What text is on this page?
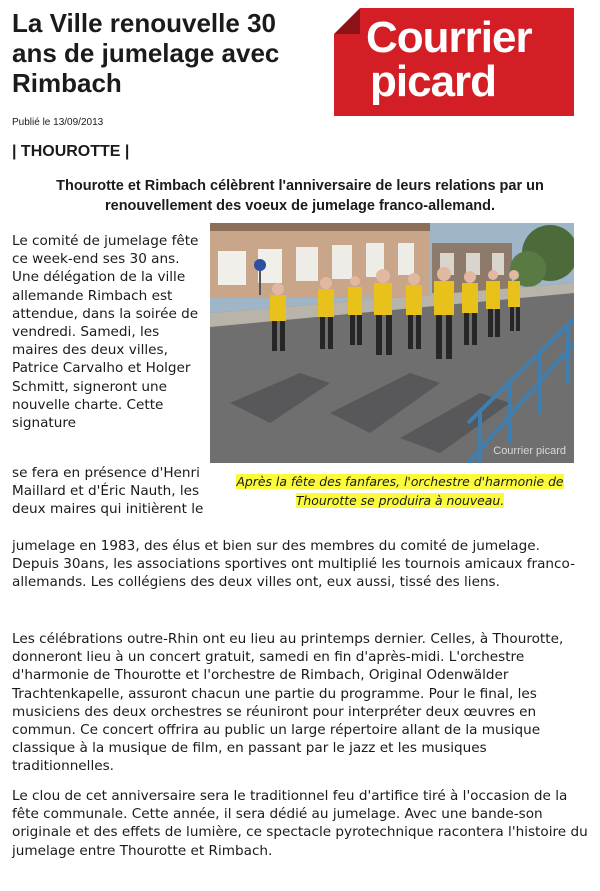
La Ville renouvelle 30 ans de jumelage avec Rimbach
Courrier
picard
Publié le 13/09/2013
| THOUROTTE |

Thourotte et Rimbach célèbrent l'anniversaire de leurs relations par un renouvellement des voeux de jumelage franco-allemand.

Courrier picard
Après la fête des fanfares, l'orchestre d'harmonie de Thourotte se produira à nouveau.

Le comité de jumelage fête ce week-end ses 30 ans. Une délégation de la ville allemande Rimbach est attendue, dans la soirée de vendredi. Samedi, les maires des deux villes, Patrice Carvalho et Holger Schmitt, signeront une nouvelle charte. Cette signature

se fera en présence d'Henri Maillard et d'Éric Nauth, les deux maires qui initièrent le

jumelage en 1983, des élus et bien sur des membres du comité de jumelage. Depuis 30ans, les associations sportives ont multiplié les tournois amicaux franco-allemands. Les collégiens des deux villes ont, eux aussi, tissé des liens.

Les célébrations outre-Rhin ont eu lieu au printemps dernier. Celles, à Thourotte, donneront lieu à un concert gratuit, samedi en fin d'après-midi. L'orchestre d'harmonie de Thourotte et l'orchestre de Rimbach, Original Odenwälder Trachtenkapelle, assuront chacun une partie du programme. Pour le final, les musiciens des deux orchestres se réuniront pour interpréter deux œuvres en commun. Ce concert offrira au public un large répertoire allant de la musique classique à la musique de film, en passant par le jazz et les musiques traditionnelles.

Le clou de cet anniversaire sera le traditionnel feu d'artifice tiré à l'occasion de la fête communale. Cette année, il sera dédié au jumelage. Avec une bande-son originale et des effets de lumière, ce spectacle pyrotechnique racontera l'histoire du jumelage entre Thourotte et Rimbach.
